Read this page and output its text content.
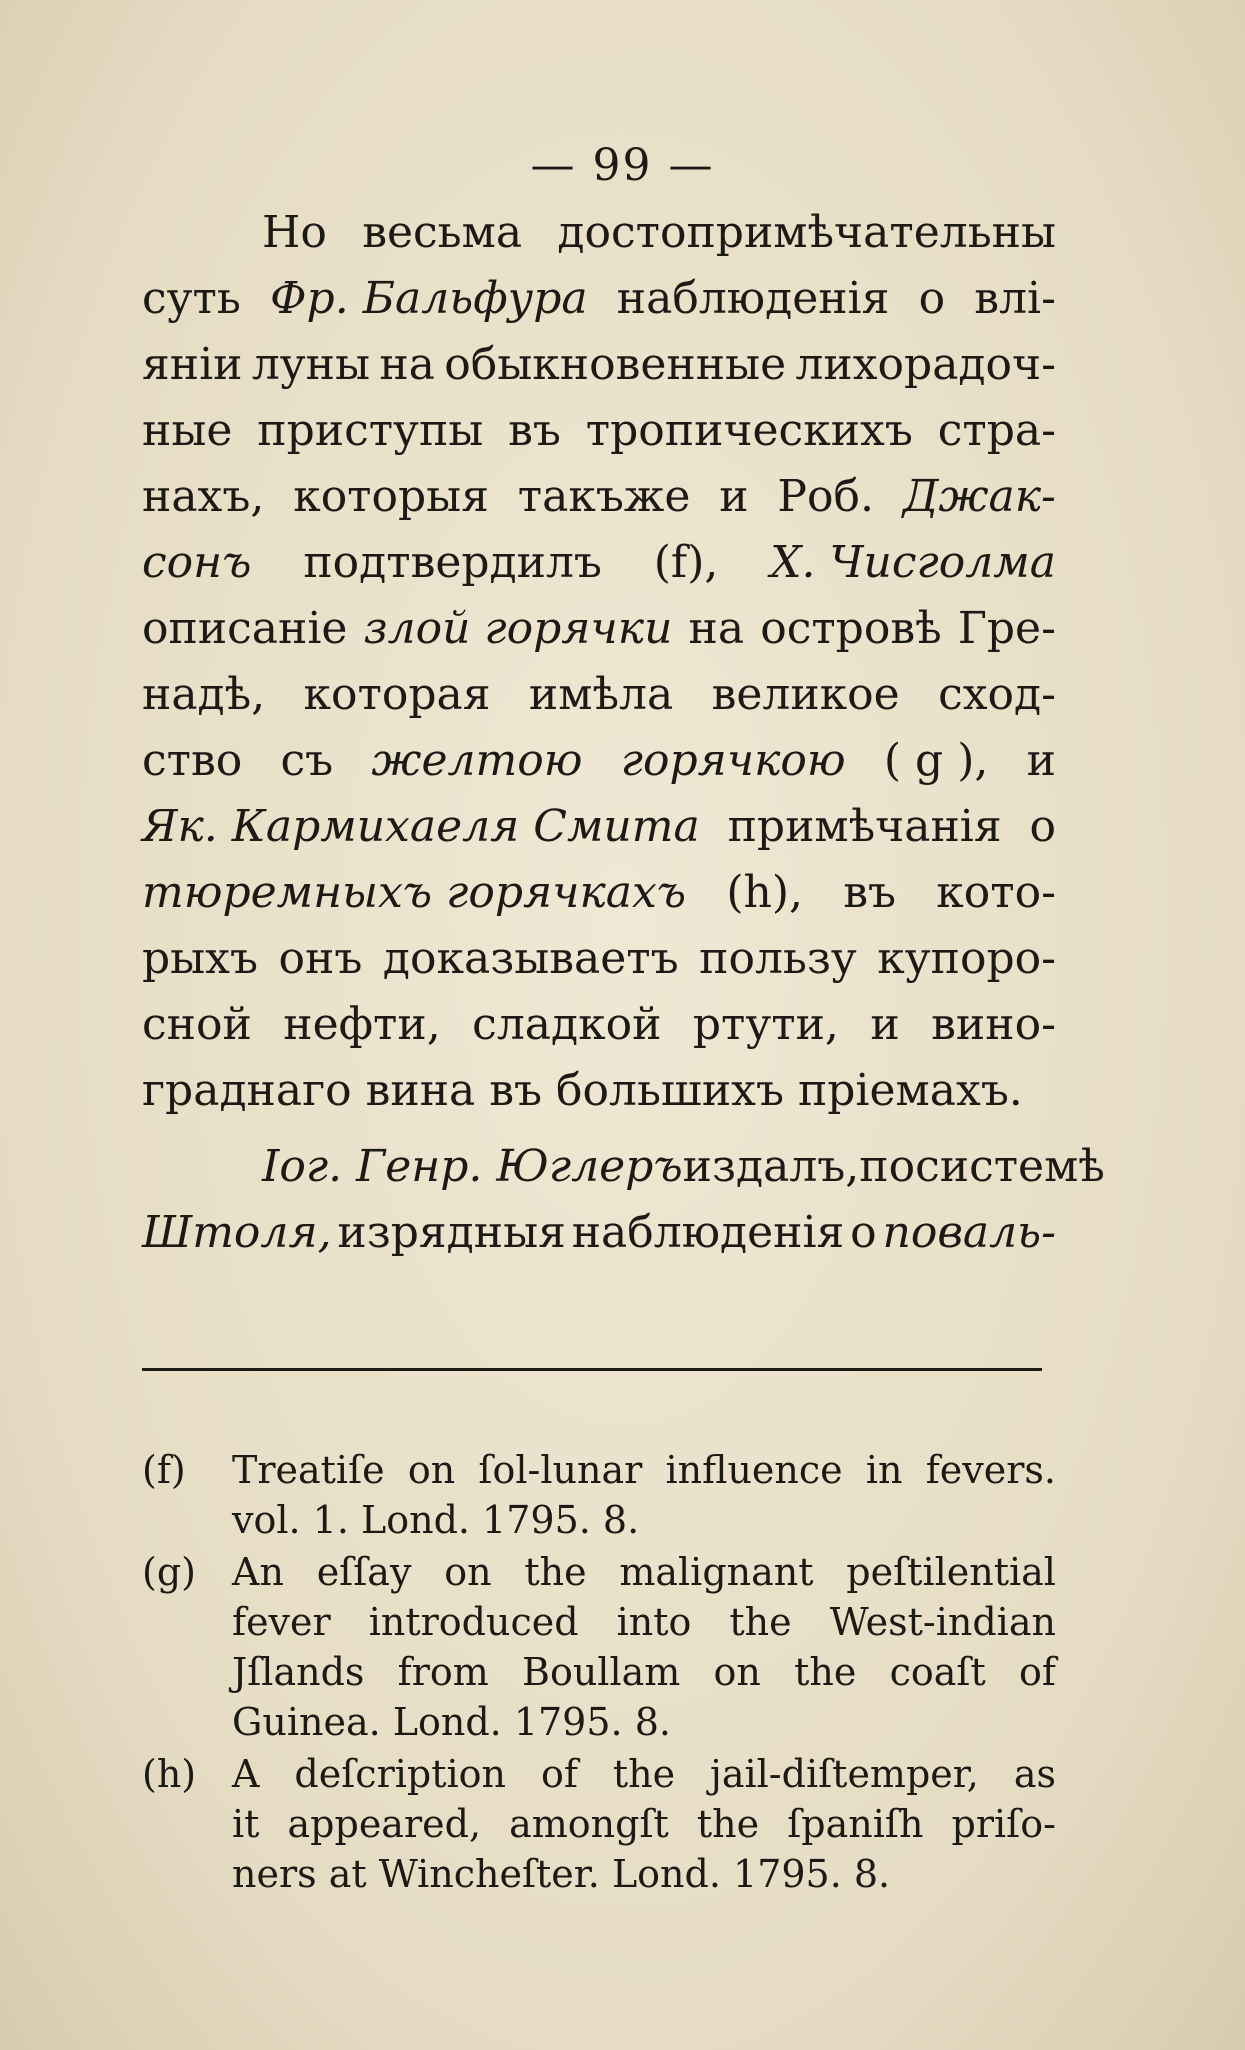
— 99 —
Но весьма достопримѣчательны
суть Фр. Бальфура наблюденія о влі-
яніи луны на обыкновенные лихорадоч-
ные приступы въ тропическихъ стра-
нахъ, которыя такъже и Роб. Джак-
сонъ подтвердилъ (f), Х. Чисголма
описаніе злой горячки на островѣ Гре-
надѣ, которая имѣла великое сход-
ство съ желтою горячкою ( g ), и
Як. Кармихаеля Смита примѣчанія о
тюремныхъ горячкахъ (h), въ кото-
рыхъ онъ доказываетъ пользу купоро-
сной нефти, сладкой ртути, и вино-
граднаго вина въ большихъ пріемахъ.
Іог. Генр. Юглеръ издалъ, по системѣ
Штоля, изрядныя наблюденія о поваль-
(f)	Treatiſe on ſol-lunar influence in fevers.
vol. 1. Lond. 1795. 8.
(g) An eſſay on the malignant peſtilential
fever introduced into the West-indian
Jſlands from Boullam on the coaſt of
Guinea. Lond. 1795. 8.
(h) A deſcription of the jail-diſtemper, as
it appeared, amongſt the ſpaniſh priſo-
ners at Wincheſter. Lond. 1795. 8.
